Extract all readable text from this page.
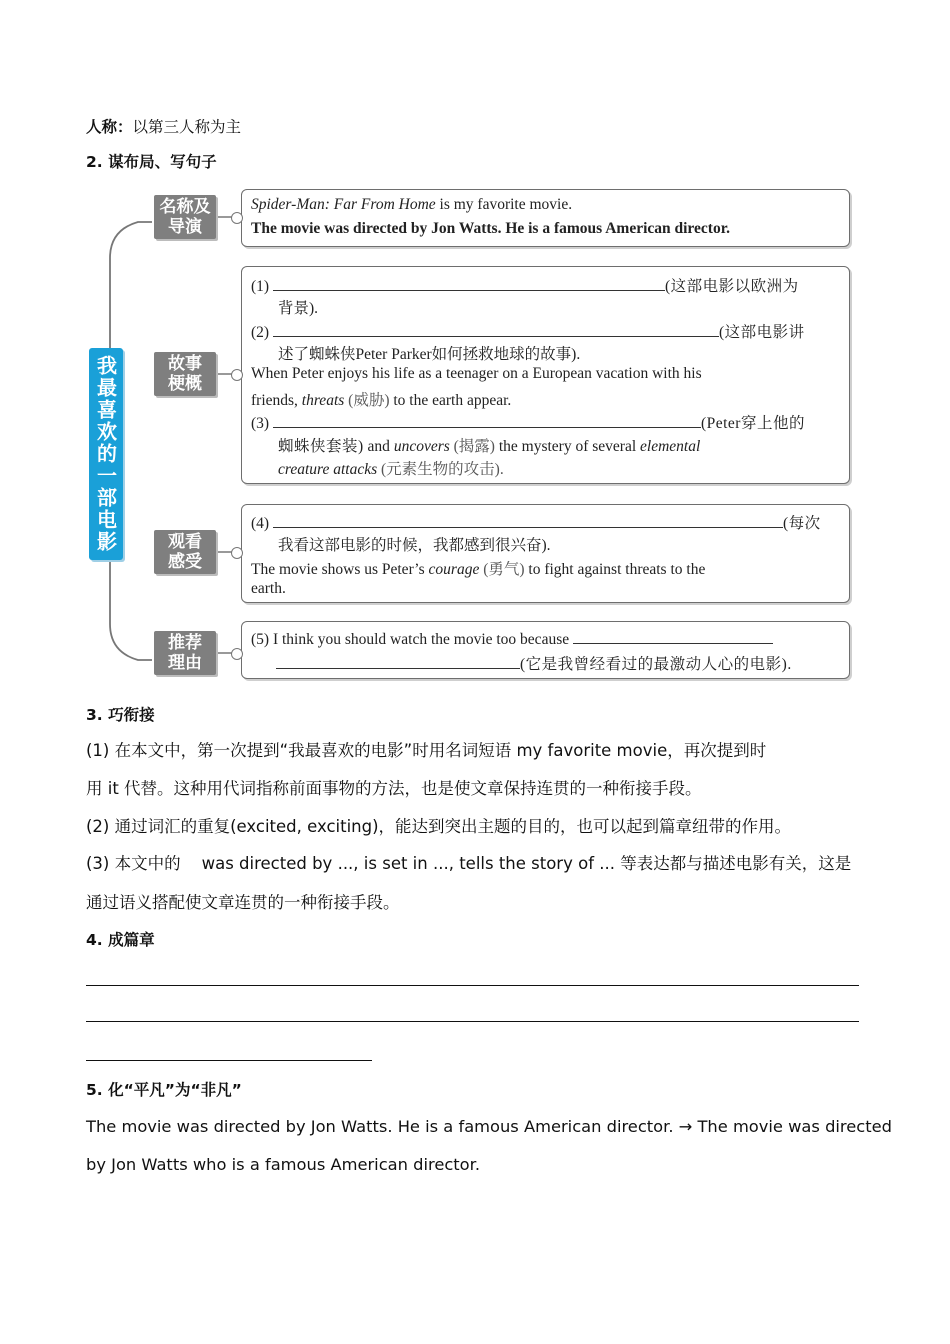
人称：以第三人称为主
2. 谋布局、写句子
我最喜欢的一部电影
名称及
导演
故事
梗概
观看
感受
推荐
理由
Spider-Man: Far From Home is my favorite movie.
The movie was directed by Jon Watts. He is a famous American director.
(1)	(这部电影以欧洲为
背景).
(2)	(这部电影讲
述了蜘蛛侠Peter Parker如何拯救地球的故事).
When Peter enjoys his life as a teenager on a European vacation with his
friends, threats (威胁) to the earth appear.
(3)	(Peter穿上他的
蜘蛛侠套装) and uncovers (揭露) the mystery of several elemental
creature attacks (元素生物的攻击).
(4)	(每次
我看这部电影的时候，我都感到很兴奋).
The movie shows us Peter’s courage (勇气) to fight against threats to the
earth.
(5) I think you should watch the movie too because
(它是我曾经看过的最激动人心的电影).
3. 巧衔接
(1) 在本文中，第一次提到“我最喜欢的电影”时用名词短语 my favorite movie，再次提到时
用 it 代替。这种用代词指称前面事物的方法，也是使文章保持连贯的一种衔接手段。
(2) 通过词汇的重复(excited, exciting)，能达到突出主题的目的，也可以起到篇章纽带的作用。
(3) 本文中的    was directed by ..., is set in ..., tells the story of ... 等表达都与描述电影有关，这是
通过语义搭配使文章连贯的一种衔接手段。
4. 成篇章
5. 化“平凡”为“非凡”
The movie was directed by Jon Watts. He is a famous American director. → The movie was directed
by Jon Watts who is a famous American director.
